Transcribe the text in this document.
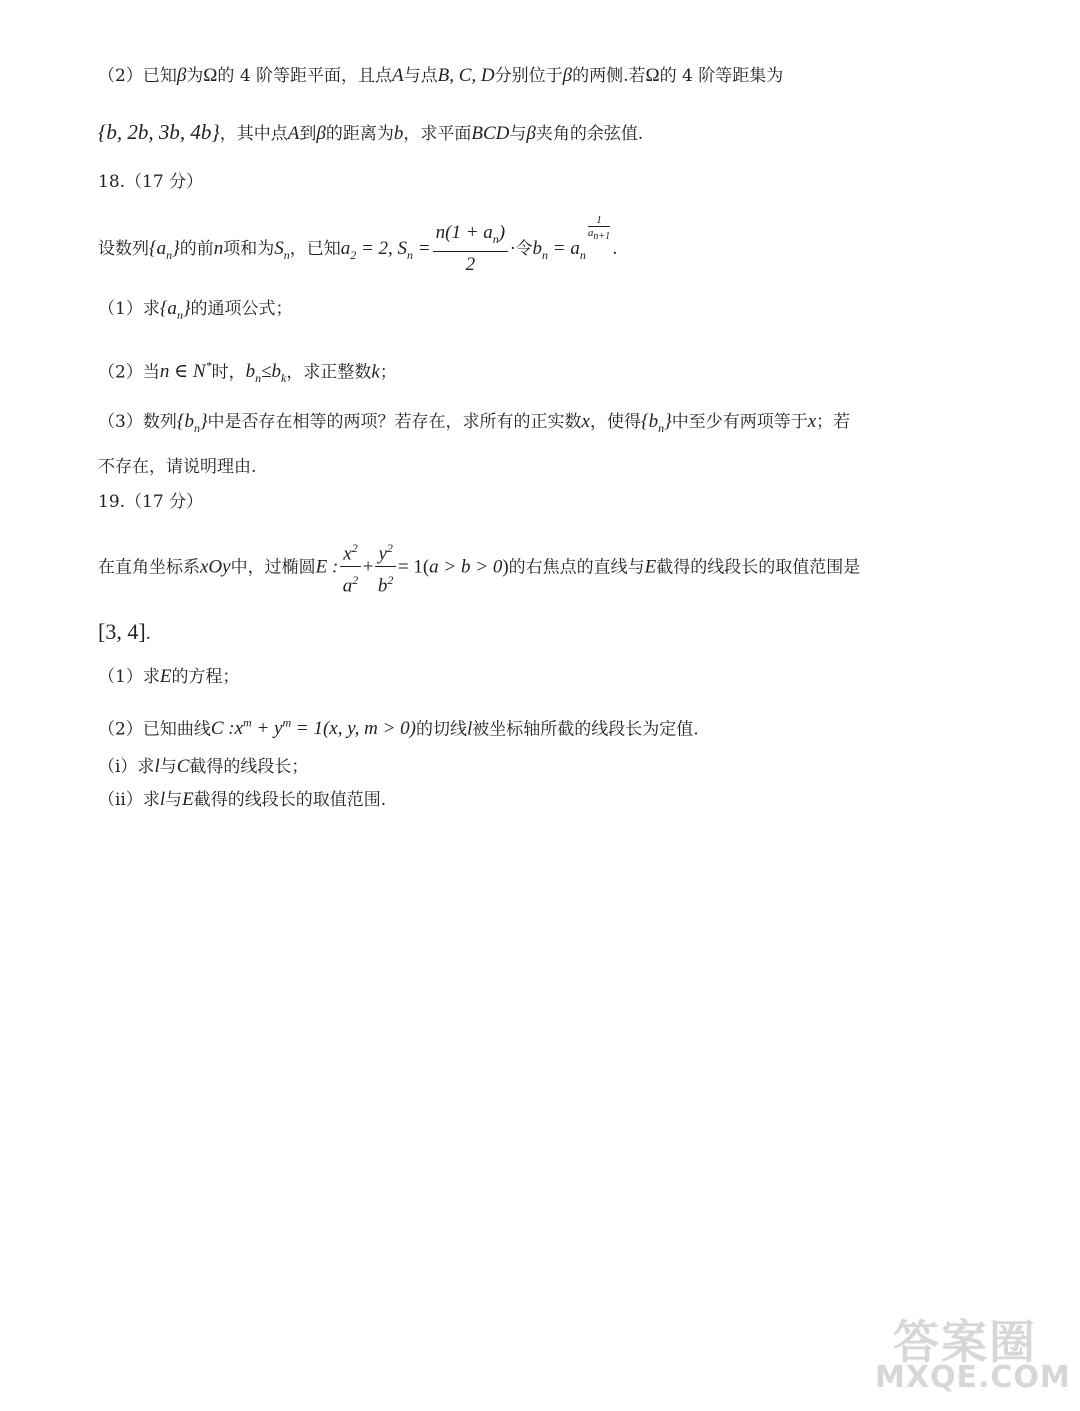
（2）已知β为Ω的 4 阶等距平面，且点A与点B, C, D分别位于β的两侧.若Ω的 4 阶等距集为
{b, 2b, 3b, 4b}，其中点A到β的距离为b，求平面BCD与β夹角的余弦值.
18.（17 分）
设数列$\{a_n\}$的前n项和为$S_n$，已知$a_2 = 2$, $S_n = \frac{n(1 + a_n)}{2}$ ·令$b_n = a_n$
$\frac{1}{a_{n+1}}$
.
（1）求$\{a_n\}$的通项公式；
（2）当n ∈ N*时，$b_n\le b_k$，求正整数k；
（3）数列$\{b_n\}$中是否存在相等的两项？若存在，求所有的正实数x，使得$\{b_n\}$中至少有两项等于x；若
不存在，请说明理由.
19.（17 分）
在直角坐标系xOy中，过椭圆E : $\frac{x^2}{a^2} + \frac{y^2}{b^2} = 1(a > b > 0)$的右焦点的直线与E截得的线段长的取值范围是
[3, 4].
（1）求E的方程；
（2）已知曲线C $:x^m + y^m = 1(x$, y, m > 0)的切线l被坐标轴所截的线段长为定值.
（i）求l与C截得的线段长；
（ii）求l与E截得的线段长的取值范围.
答案圈
MXQE.COM
